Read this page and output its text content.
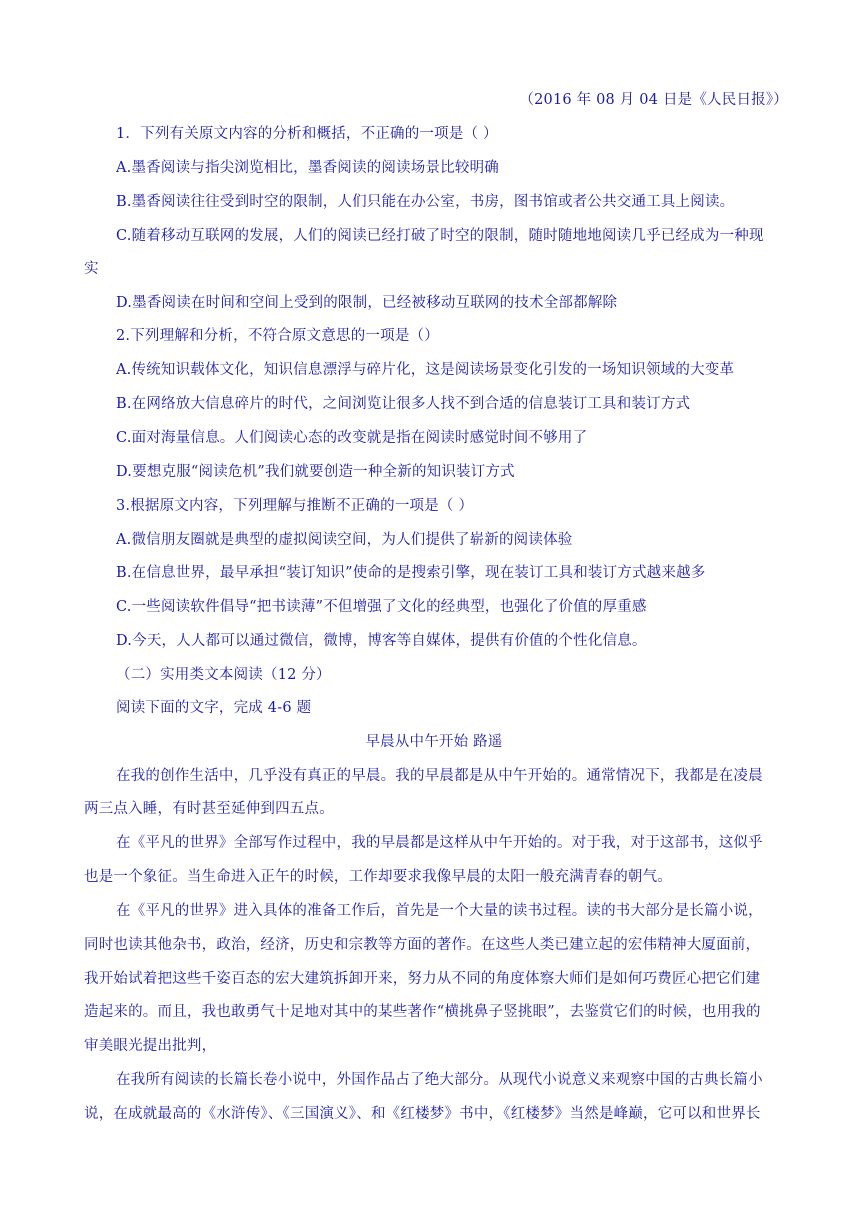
（2016 年 08 月 04 日是《人民日报》）
1．下列有关原文内容的分析和概括，不正确的一项是（ ）
A.墨香阅读与指尖浏览相比，墨香阅读的阅读场景比较明确
B.墨香阅读往往受到时空的限制，人们只能在办公室，书房，图书馆或者公共交通工具上阅读。
C.随着移动互联网的发展，人们的阅读已经打破了时空的限制，随时随地地阅读几乎已经成为一种现
实
D.墨香阅读在时间和空间上受到的限制，已经被移动互联网的技术全部都解除
2.下列理解和分析，不符合原文意思的一项是（）
A.传统知识载体文化，知识信息漂浮与碎片化，这是阅读场景变化引发的一场知识领域的大变革
B.在网络放大信息碎片的时代，之间浏览让很多人找不到合适的信息装订工具和装订方式
C.面对海量信息。人们阅读心态的改变就是指在阅读时感觉时间不够用了
D.要想克服“阅读危机”我们就要创造一种全新的知识装订方式
3.根据原文内容，下列理解与推断不正确的一项是（ ）
A.微信朋友圈就是典型的虚拟阅读空间，为人们提供了崭新的阅读体验
B.在信息世界，最早承担“装订知识”使命的是搜索引擎，现在装订工具和装订方式越来越多
C.一些阅读软件倡导“把书读薄”不但增强了文化的经典型，也强化了价值的厚重感
D.今天，人人都可以通过微信，微博，博客等自媒体，提供有价值的个性化信息。
（二）实用类文本阅读（12 分）
阅读下面的文字，完成 4-6 题
早晨从中午开始 路遥
在我的创作生活中，几乎没有真正的早晨。我的早晨都是从中午开始的。通常情况下，我都是在凌晨
两三点入睡，有时甚至延伸到四五点。
在《平凡的世界》全部写作过程中，我的早晨都是这样从中午开始的。对于我，对于这部书，这似乎
也是一个象征。当生命进入正午的时候，工作却要求我像早晨的太阳一般充满青春的朝气。
在《平凡的世界》进入具体的准备工作后，首先是一个大量的读书过程。读的书大部分是长篇小说，
同时也读其他杂书，政治，经济，历史和宗教等方面的著作。在这些人类已建立起的宏伟精神大厦面前，
我开始试着把这些千姿百态的宏大建筑拆卸开来，努力从不同的角度体察大师们是如何巧费匠心把它们建
造起来的。而且，我也敢勇气十足地对其中的某些著作“横挑鼻子竖挑眼”，去鉴赏它们的时候，也用我的
审美眼光提出批判，
在我所有阅读的长篇长卷小说中，外国作品占了绝大部分。从现代小说意义来观察中国的古典长篇小
说，在成就最高的《水浒传》、《三国演义》、和《红楼梦》书中，《红楼梦》当然是峰巅，它可以和世界长
